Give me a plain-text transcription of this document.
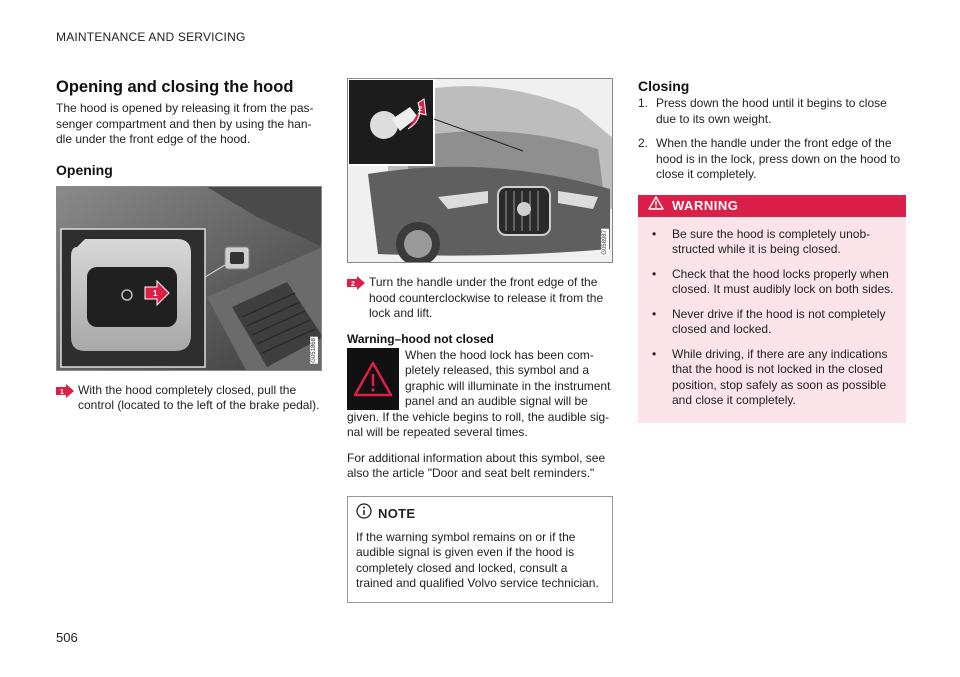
MAINTENANCE AND SERVICING
Opening and closing the hood

The hood is opened by releasing it from the pas-senger compartment and then by using the han-dle under the front edge of the hood.

Opening
1
G051868
1 With the hood completely closed, pull the control (located to the left of the brake pedal).

2
G058987
2 Turn the handle under the front edge of the hood counterclockwise to release it from the lock and lift.

Warning–hood not closed

When the hood lock has been com-pletely released, this symbol and a graphic will illuminate in the instrument panel and an audible signal will be

given. If the vehicle begins to roll, the audible sig-nal will be repeated several times.

For additional information about this symbol, see also the article "Door and seat belt reminders."

NOTE

If the warning symbol remains on or if the audible signal is given even if the hood is completely closed and locked, consult a trained and qualified Volvo service technician.

Closing
1. Press down the hood until it begins to close due to its own weight.

2. When the handle under the front edge of the hood is in the lock, press down on the hood to close it completely.

WARNING
•	Be sure the hood is completely unob-structed while it is being closed.

•	Check that the hood locks properly when closed. It must audibly lock on both sides.

•	Never drive if the hood is not completely closed and locked.

•	While driving, if there are any indications that the hood is not locked in the closed position, stop safely as soon as possible and close it completely.

506
